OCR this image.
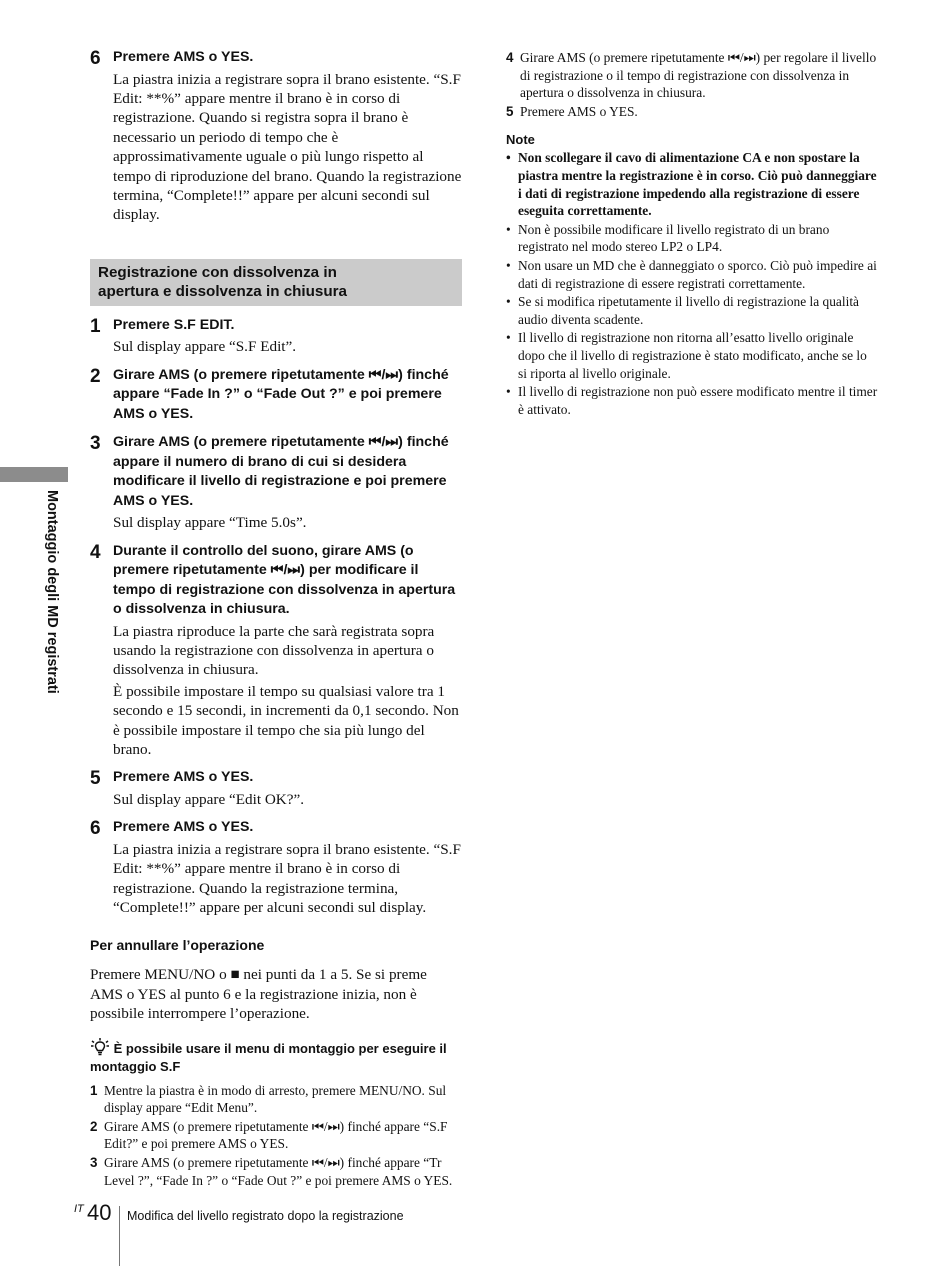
6 Premere AMS o YES.
La piastra inizia a registrare sopra il brano esistente. “S.F Edit: **%” appare mentre il brano è in corso di registrazione. Quando si registra sopra il brano è necessario un periodo di tempo che è approssimativamente uguale o più lungo rispetto al tempo di riproduzione del brano. Quando la registrazione termina, “Complete!!” appare per alcuni secondi sul display.
Registrazione con dissolvenza in
apertura e dissolvenza in chiusura
1 Premere S.F EDIT.
Sul display appare “S.F Edit”.
2 Girare AMS (o premere ripetutamente ⏮/⏭) finché appare “Fade In ?” o “Fade Out ?” e poi premere AMS o YES.
3 Girare AMS (o premere ripetutamente ⏮/⏭) finché appare il numero di brano di cui si desidera modificare il livello di registrazione e poi premere AMS o YES.
Sul display appare “Time 5.0s”.
4 Durante il controllo del suono, girare AMS (o premere ripetutamente ⏮/⏭) per modificare il tempo di registrazione con dissolvenza in apertura o dissolvenza in chiusura.
La piastra riproduce la parte che sarà registrata sopra usando la registrazione con dissolvenza in apertura o dissolvenza in chiusura.
È possibile impostare il tempo su qualsiasi valore tra 1 secondo e 15 secondi, in incrementi da 0,1 secondo. Non è possibile impostare il tempo che sia più lungo del brano.
5 Premere AMS o YES.
Sul display appare “Edit OK?”.
6 Premere AMS o YES.
La piastra inizia a registrare sopra il brano esistente. “S.F Edit: **%” appare mentre il brano è in corso di registrazione. Quando la registrazione termina, “Complete!!” appare per alcuni secondi sul display.
Per annullare l’operazione
Premere MENU/NO o ■ nei punti da 1 a 5. Se si preme AMS o YES al punto 6 e la registrazione inizia, non è possibile interrompere l’operazione.
È possibile usare il menu di montaggio per eseguire il montaggio S.F
1 Mentre la piastra è in modo di arresto, premere MENU/NO. Sul display appare “Edit Menu”.
2 Girare AMS (o premere ripetutamente ⏮/⏭) finché appare “S.F Edit?” e poi premere AMS o YES.
3 Girare AMS (o premere ripetutamente ⏮/⏭) finché appare “Tr Level ?”, “Fade In ?” o “Fade Out ?” e poi premere AMS o YES.
4 Girare AMS (o premere ripetutamente ⏮/⏭) per regolare il livello di registrazione o il tempo di registrazione con dissolvenza in apertura o dissolvenza in chiusura.
5 Premere AMS o YES.
Note
• Non scollegare il cavo di alimentazione CA e non spostare la piastra mentre la registrazione è in corso. Ciò può danneggiare i dati di registrazione impedendo alla registrazione di essere eseguita correttamente.
• Non è possibile modificare il livello registrato di un brano registrato nel modo stereo LP2 o LP4.
• Non usare un MD che è danneggiato o sporco. Ciò può impedire ai dati di registrazione di essere registrati correttamente.
• Se si modifica ripetutamente il livello di registrazione la qualità audio diventa scadente.
• Il livello di registrazione non ritorna all’esatto livello originale dopo che il livello di registrazione è stato modificato, anche se lo si riporta al livello originale.
• Il livello di registrazione non può essere modificato mentre il timer è attivato.
Montaggio degli MD registrati
IT 40 Modifica del livello registrato dopo la registrazione
